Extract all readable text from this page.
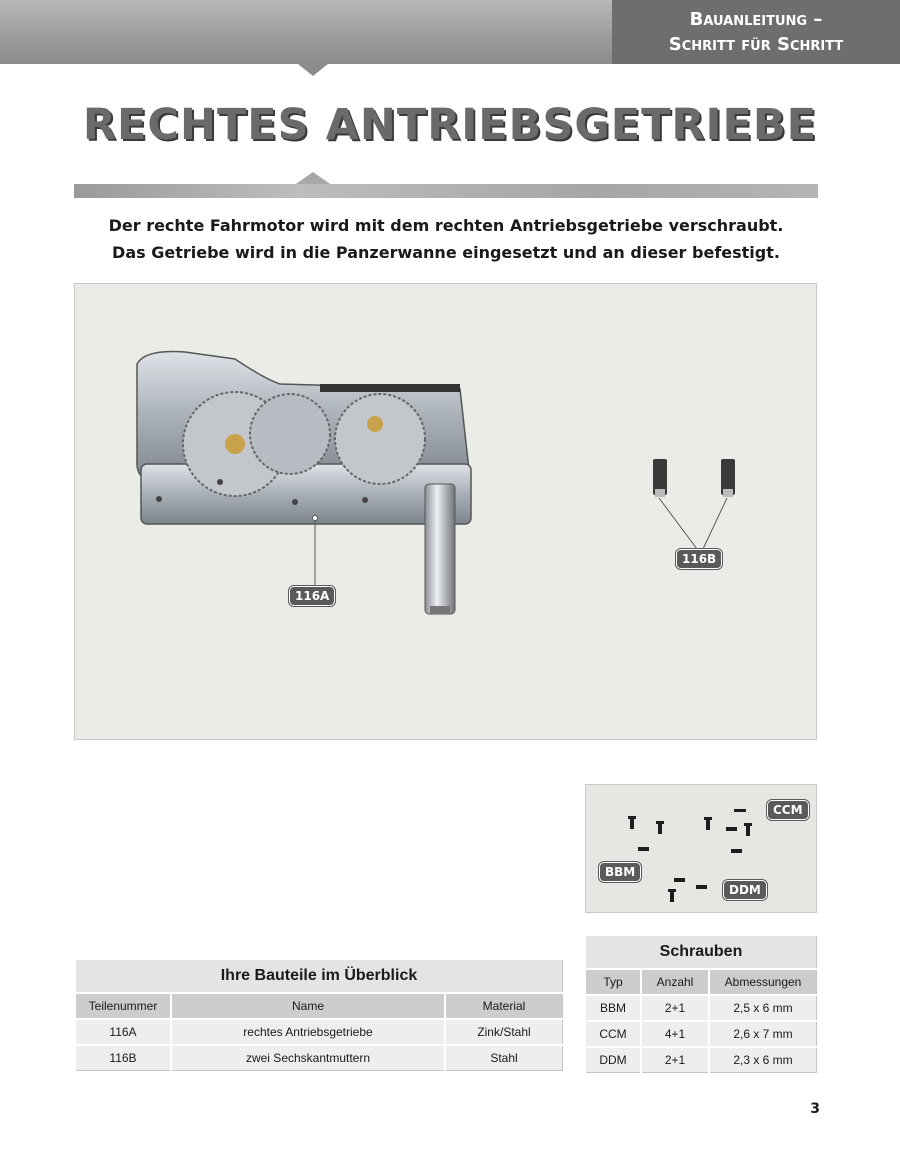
Bauanleitung –
Schritt für Schritt
RECHTES ANTRIEBSGETRIEBE
Der rechte Fahrmotor wird mit dem rechten Antriebsgetriebe verschraubt.
Das Getriebe wird in die Panzerwanne eingesetzt und an dieser befestigt.
116A
116B
CCM
BBM
DDM
Ihre Bauteile im Überblick		
Teilenummer	Name	Material
116A	rechtes Antriebsgetriebe	Zink/Stahl
116B	zwei Sechskantmuttern	Stahl
Schrauben		
Typ	Anzahl	Abmessungen
BBM	2+1	2,5 x 6 mm
CCM	4+1	2,6 x 7 mm
DDM	2+1	2,3 x 6 mm
3
